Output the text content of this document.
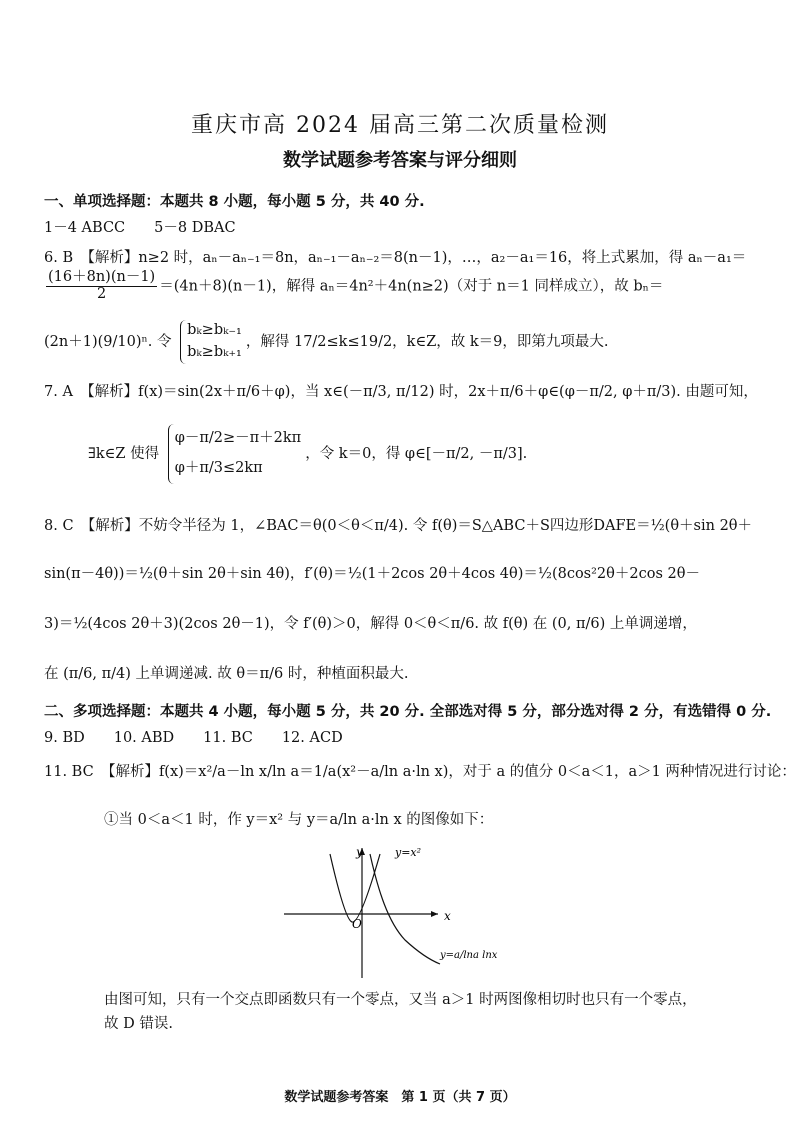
重庆市高 2024 届高三第二次质量检测
数学试题参考答案与评分细则
一、单项选择题：本题共 8 小题，每小题 5 分，共 40 分.
1－4 ABCC　　5－8 DBAC
6. B　【解析】n≥2 时，aₙ－aₙ₋₁＝8n，aₙ₋₁－aₙ₋₂＝8(n－1)，…，a₂－a₁＝16，将上式累加，得 aₙ－a₁＝
$\frac{(16+8n)(n-1)}{2} =(4n+8)(n-1)$，解得 aₙ＝4n²＋4n(n≥2)（对于 n＝1 同样成立），故 bₙ＝
(2n＋1)(9/10)ⁿ. 令
bₖ≥bₖ₋₁
bₖ≥bₖ₊₁
，解得 17/2≤k≤19/2，k∈Z，故 k＝9，即第九项最大.
7. A　【解析】f(x)＝sin(2x＋π/6＋φ)，当 x∈(－π/3, π/12) 时，2x＋π/6＋φ∈(φ－π/2, φ＋π/3). 由题可知，
∃k∈Z 使得
φ－π/2≥－π＋2kπ
φ＋π/3≤2kπ
，令 k＝0，得 φ∈[－π/2, －π/3].
8. C　【解析】不妨令半径为 1，∠BAC＝θ(0＜θ＜π/4). 令 f(θ)＝S△ABC＋S四边形DAFE＝½(θ＋sin 2θ＋
sin(π－4θ))＝½(θ＋sin 2θ＋sin 4θ)，f′(θ)＝½(1＋2cos 2θ＋4cos 4θ)＝½(8cos²2θ＋2cos 2θ－
3)＝½(4cos 2θ＋3)(2cos 2θ－1)，令 f′(θ)＞0，解得 0＜θ＜π/6. 故 f(θ) 在 (0, π/6) 上单调递增，
在 (π/6, π/4) 上单调递减. 故 θ＝π/6 时，种植面积最大.
二、多项选择题：本题共 4 小题，每小题 5 分，共 20 分. 全部选对得 5 分，部分选对得 2 分，有选错得 0 分.
9. BD　　10. ABD　　11. BC　　12. ACD
11. BC　【解析】f(x)＝x²/a－ln x/ln a＝1/a(x²－a/ln a·ln x)，对于 a 的值分 0＜a＜1，a＞1 两种情况进行讨论：
①当 0＜a＜1 时，作 y＝x² 与 y＝a/ln a·ln x 的图像如下：
y
x
O
y=x²
y=a/lna lnx
由图可知，只有一个交点即函数只有一个零点，又当 a＞1 时两图像相切时也只有一个零点，
故 D 错误.
数学试题参考答案　第 1 页（共 7 页）
